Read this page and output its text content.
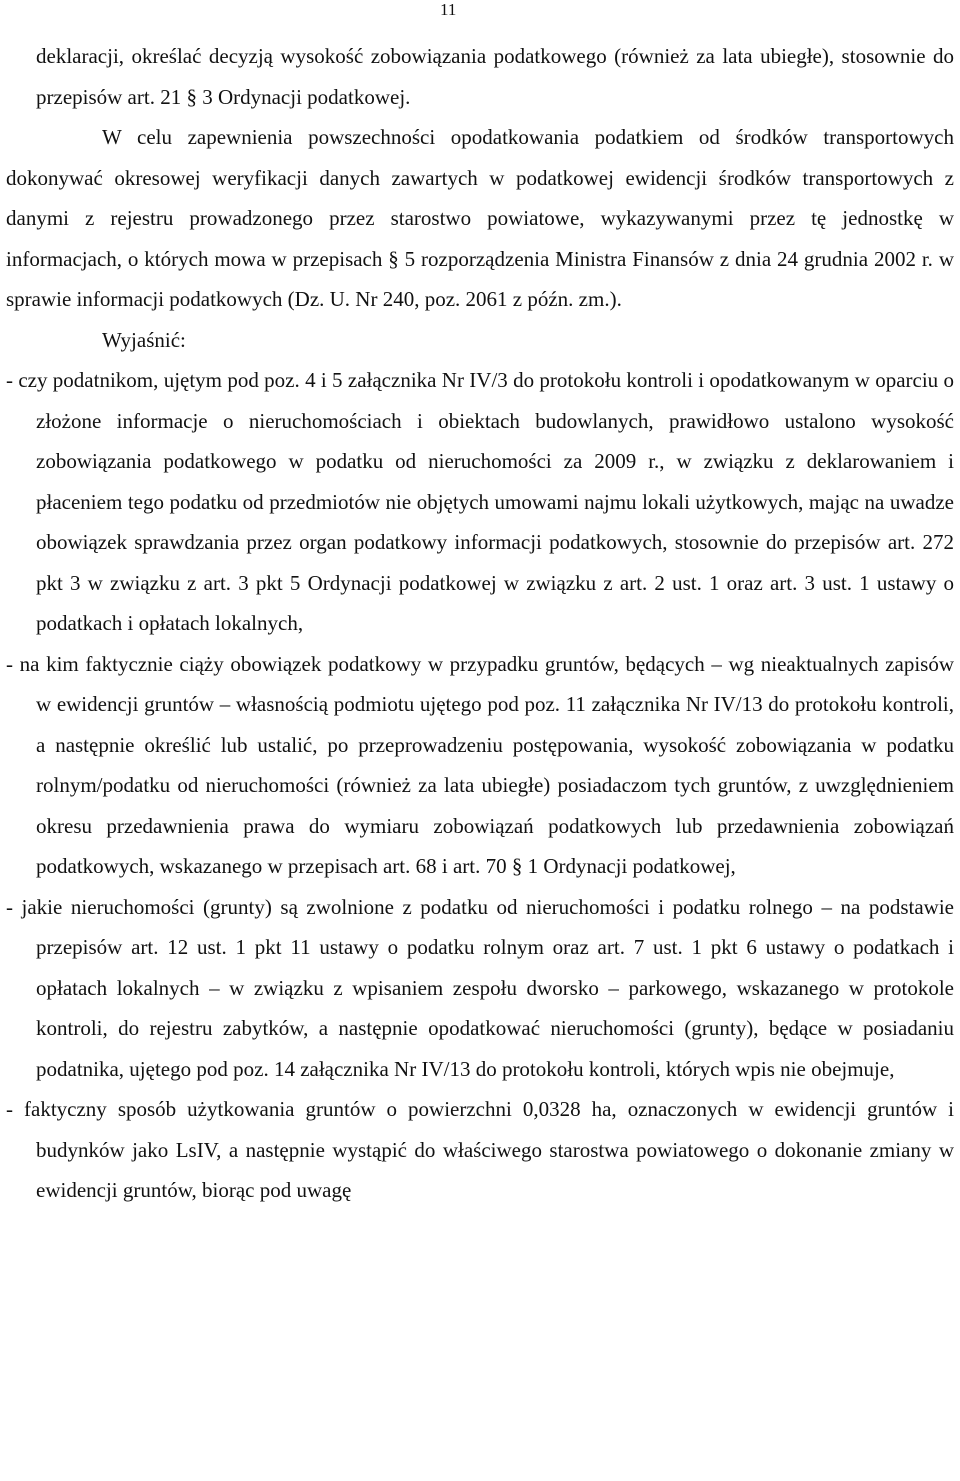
11

deklaracji, określać decyzją wysokość zobowiązania podatkowego (również za lata ubiegłe), stosownie do przepisów art. 21 § 3 Ordynacji podatkowej.

W celu zapewnienia powszechności opodatkowania podatkiem od środków transportowych dokonywać okresowej weryfikacji danych zawartych w podatkowej ewidencji środków transportowych z danymi z rejestru prowadzonego przez starostwo powiatowe, wykazywanymi przez tę jednostkę w informacjach, o których mowa w przepisach § 5 rozporządzenia Ministra Finansów z dnia 24 grudnia 2002 r. w sprawie informacji podatkowych (Dz. U. Nr 240, poz. 2061 z późn. zm.).

Wyjaśnić:

- czy podatnikom, ujętym pod poz. 4 i 5 załącznika Nr IV/3 do protokołu kontroli i opodatkowanym w oparciu o złożone informacje o nieruchomościach i obiektach budowlanych, prawidłowo ustalono wysokość zobowiązania podatkowego w podatku od nieruchomości za 2009 r., w związku z deklarowaniem i płaceniem tego podatku od przedmiotów nie objętych umowami najmu lokali użytkowych, mając na uwadze obowiązek sprawdzania przez organ podatkowy informacji podatkowych, stosownie do przepisów art. 272 pkt 3 w związku z art. 3 pkt 5 Ordynacji podatkowej w związku z art. 2 ust. 1 oraz art. 3 ust. 1 ustawy o podatkach i opłatach lokalnych,

- na kim faktycznie ciąży obowiązek podatkowy w przypadku gruntów, będących – wg nieaktualnych zapisów w ewidencji gruntów – własnością podmiotu ujętego pod poz. 11 załącznika Nr IV/13 do protokołu kontroli, a następnie określić lub ustalić, po przeprowadzeniu postępowania, wysokość zobowiązania w podatku rolnym/podatku od nieruchomości (również za lata ubiegłe) posiadaczom tych gruntów, z uwzględnieniem okresu przedawnienia prawa do wymiaru zobowiązań podatkowych lub przedawnienia zobowiązań podatkowych, wskazanego w przepisach art. 68 i art. 70 § 1 Ordynacji podatkowej,

- jakie nieruchomości (grunty) są zwolnione z podatku od nieruchomości i podatku rolnego – na podstawie przepisów art. 12 ust. 1 pkt 11 ustawy o podatku rolnym oraz art. 7 ust. 1 pkt 6 ustawy o podatkach i opłatach lokalnych – w związku z wpisaniem zespołu dworsko – parkowego, wskazanego w protokole kontroli, do rejestru zabytków, a następnie opodatkować nieruchomości (grunty), będące w posiadaniu podatnika, ujętego pod poz. 14 załącznika Nr IV/13 do protokołu kontroli, których wpis nie obejmuje,

- faktyczny sposób użytkowania gruntów o powierzchni 0,0328 ha, oznaczonych w ewidencji gruntów i budynków jako LsIV, a następnie wystąpić do właściwego starostwa powiatowego o dokonanie zmiany w ewidencji gruntów, biorąc pod uwagę
